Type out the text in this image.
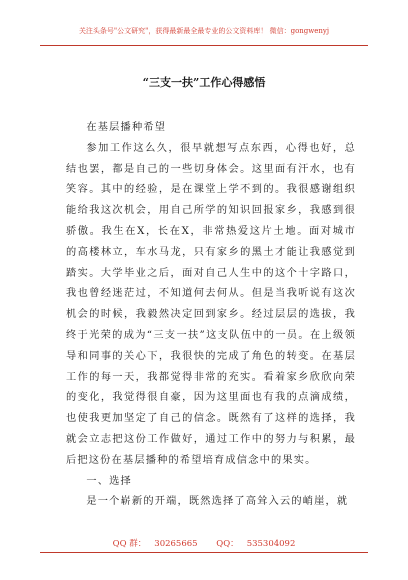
关注头条号"公文研究"，获得最新最全最专业的公文资料库！ 微信：gongwenyj
“三支一扶”工作心得感悟

在基层播种希望

参加工作这么久，很早就想写点东西，心得也好，总结也罢，都是自己的一些切身体会。这里面有汗水，也有笑容。其中的经验，是在课堂上学不到的。我很感谢组织能给我这次机会，用自己所学的知识回报家乡，我感到很骄傲。我生在X，长在X，非常热爱这片土地。面对城市的高楼林立，车水马龙，只有家乡的黑土才能让我感觉到踏实。大学毕业之后，面对自己人生中的这个十字路口，我也曾经迷茫过，不知道何去何从。但是当我听说有这次机会的时候，我毅然决定回到家乡。经过层层的选拔，我终于光荣的成为“三支一扶”这支队伍中的一员。在上级领导和同事的关心下，我很快的完成了角色的转变。在基层工作的每一天，我都觉得非常的充实。看着家乡欣欣向荣的变化，我觉得很自豪，因为这里面也有我的点滴成绩，也使我更加坚定了自己的信念。既然有了这样的选择，我就会立志把这份工作做好，通过工作中的努力与积累，最后把这份在基层播种的希望培育成信念中的果实。

一、选择

是一个崭新的开端，既然选择了高耸入云的峭崖，就

QQ 群： 30265665 QQ： 535304092
